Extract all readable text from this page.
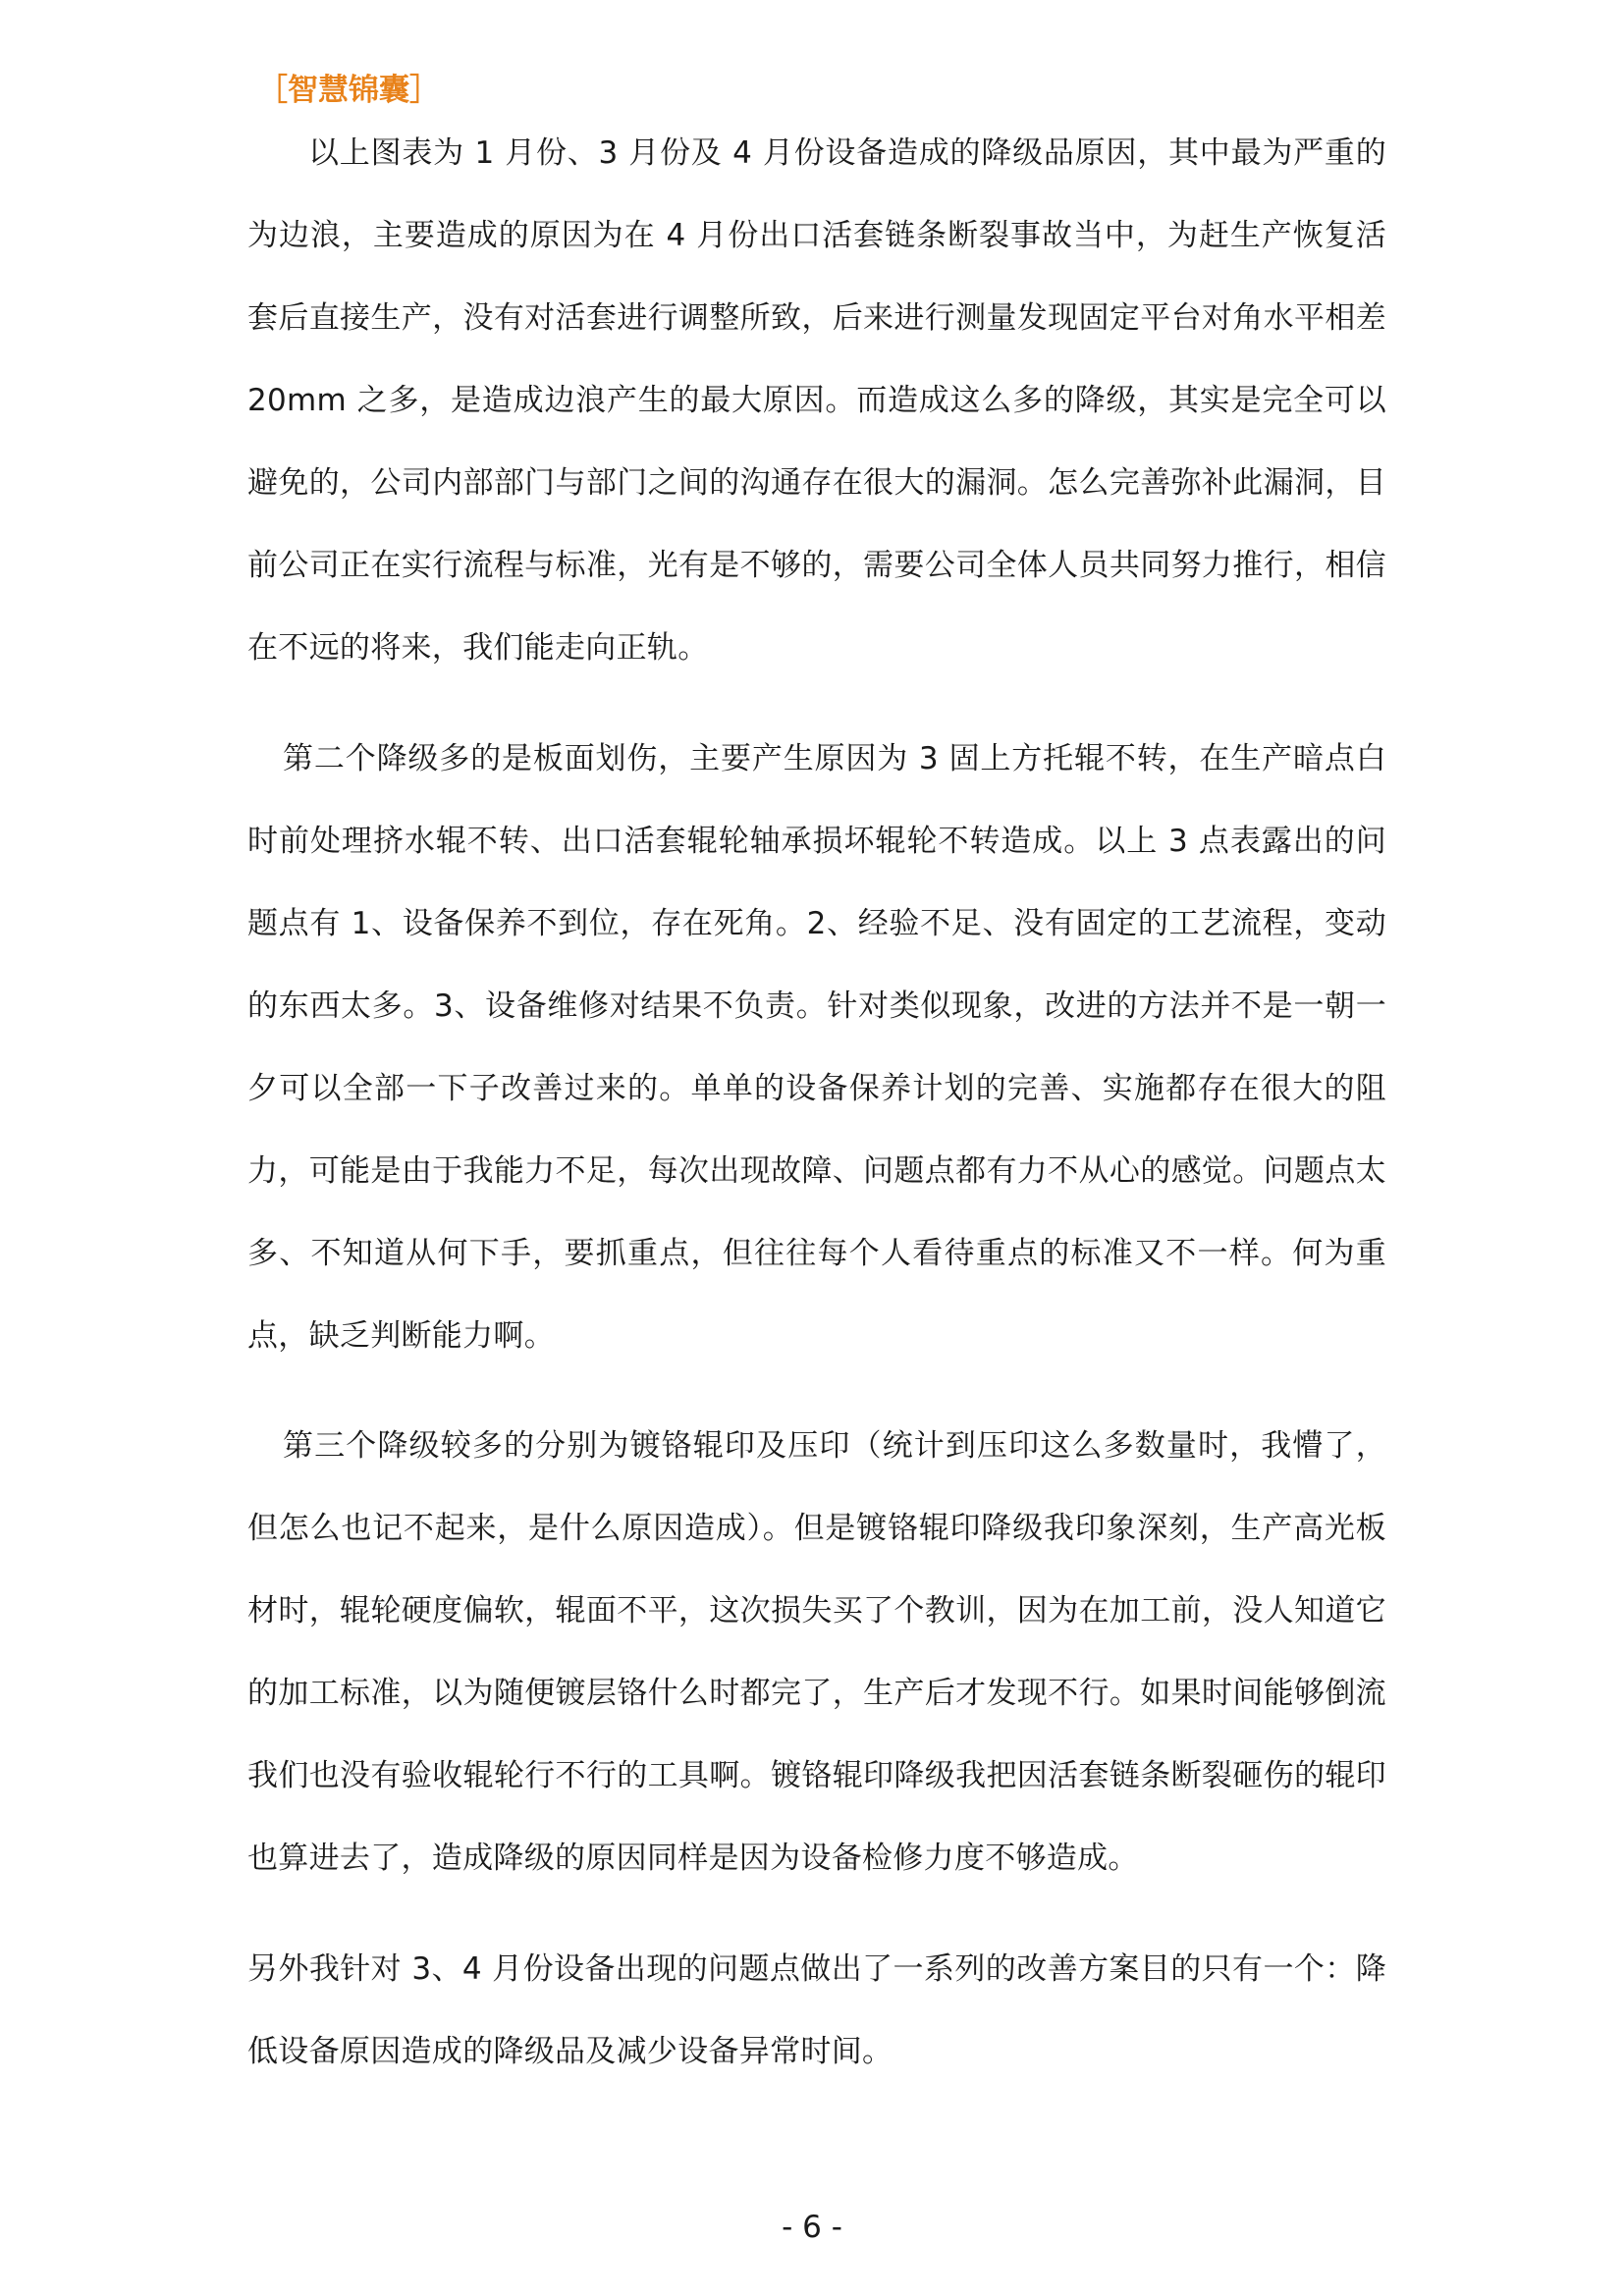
［智慧锦囊］

以上图表为 1 月份、3 月份及 4 月份设备造成的降级品原因，其中最为严重的为边浪，主要造成的原因为在 4 月份出口活套链条断裂事故当中，为赶生产恢复活套后直接生产，没有对活套进行调整所致，后来进行测量发现固定平台对角水平相差 20mm 之多，是造成边浪产生的最大原因。而造成这么多的降级，其实是完全可以避免的，公司内部部门与部门之间的沟通存在很大的漏洞。怎么完善弥补此漏洞，目前公司正在实行流程与标准，光有是不够的，需要公司全体人员共同努力推行，相信在不远的将来，我们能走向正轨。

第二个降级多的是板面划伤，主要产生原因为 3 固上方托辊不转，在生产暗点白时前处理挤水辊不转、出口活套辊轮轴承损坏辊轮不转造成。以上 3 点表露出的问题点有 1、设备保养不到位，存在死角。2、经验不足、没有固定的工艺流程，变动的东西太多。3、设备维修对结果不负责。针对类似现象，改进的方法并不是一朝一夕可以全部一下子改善过来的。单单的设备保养计划的完善、实施都存在很大的阻力，可能是由于我能力不足，每次出现故障、问题点都有力不从心的感觉。问题点太多、不知道从何下手，要抓重点，但往往每个人看待重点的标准又不一样。何为重点，缺乏判断能力啊。

第三个降级较多的分别为镀铬辊印及压印（统计到压印这么多数量时，我懵了，但怎么也记不起来，是什么原因造成）。但是镀铬辊印降级我印象深刻，生产高光板材时，辊轮硬度偏软，辊面不平，这次损失买了个教训，因为在加工前，没人知道它的加工标准，以为随便镀层铬什么时都完了，生产后才发现不行。如果时间能够倒流我们也没有验收辊轮行不行的工具啊。镀铬辊印降级我把因活套链条断裂砸伤的辊印也算进去了，造成降级的原因同样是因为设备检修力度不够造成。

另外我针对 3、4 月份设备出现的问题点做出了一系列的改善方案目的只有一个：降低设备原因造成的降级品及减少设备异常时间。

- 6 -
